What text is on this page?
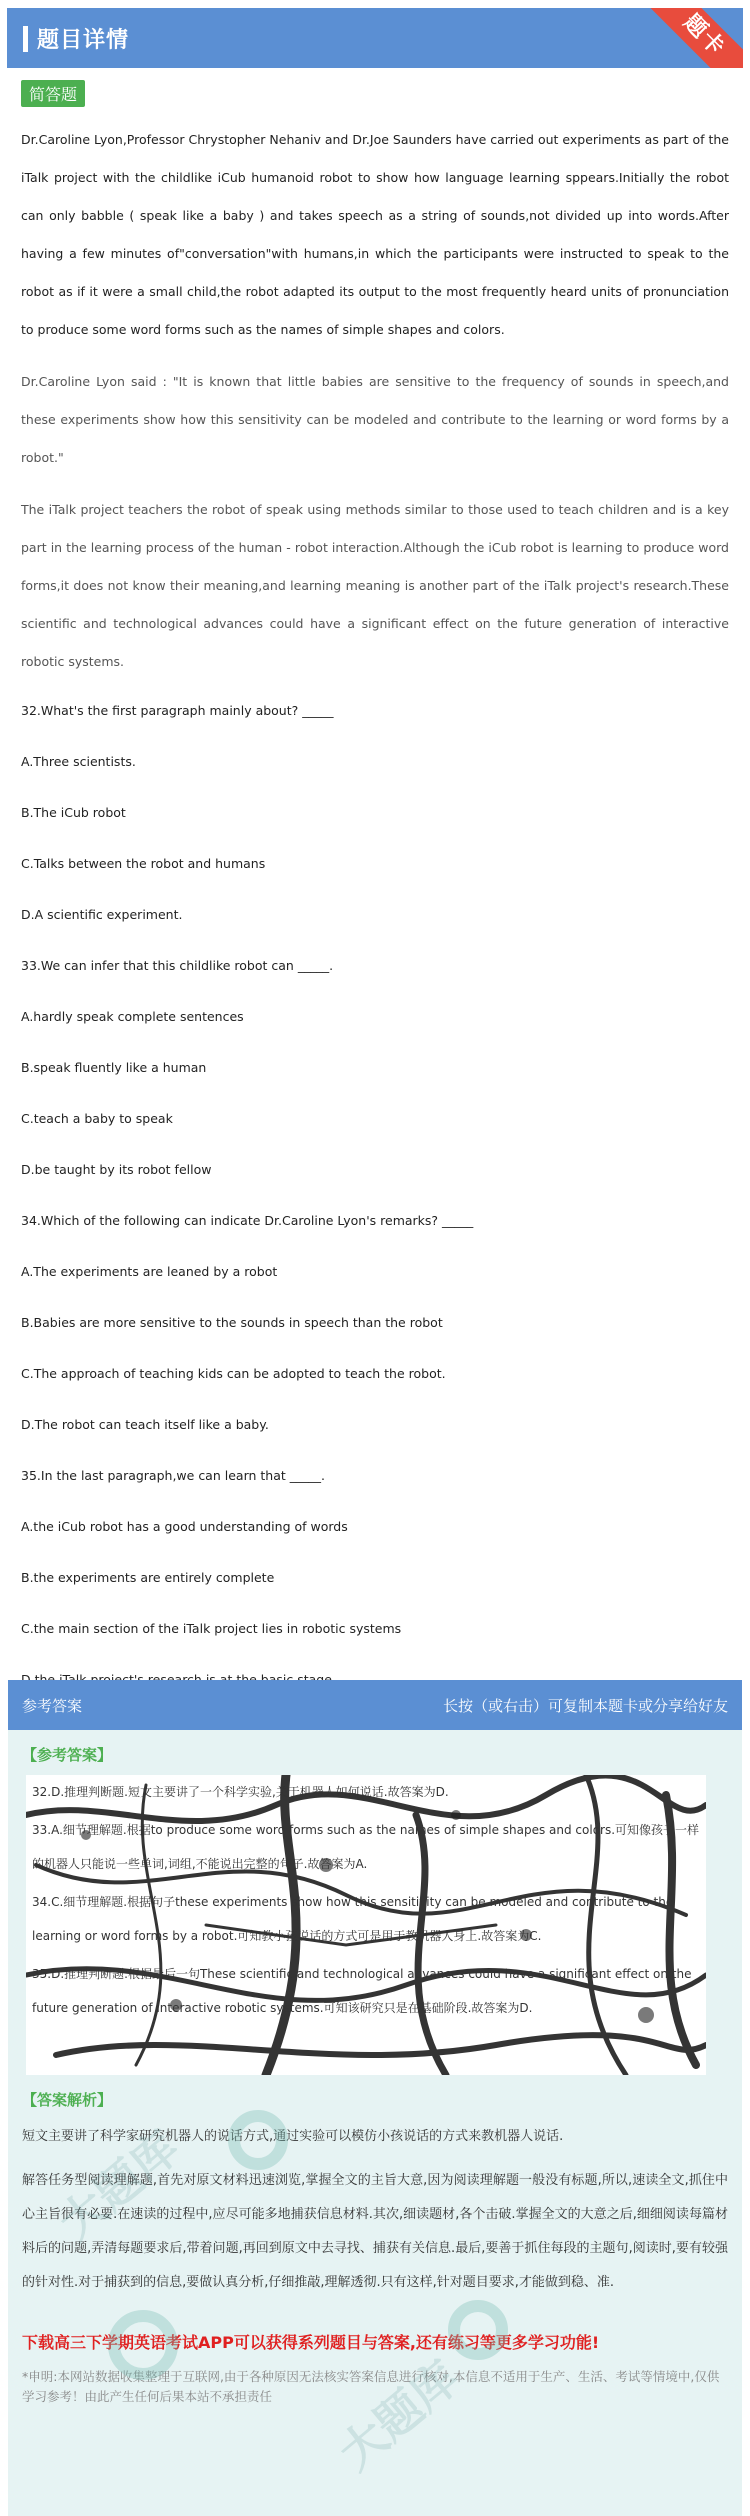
题目详情	题卡
简答题

Dr.Caroline Lyon,Professor Chrystopher Nehaniv and Dr.Joe Saunders have carried out experiments as part of the iTalk project with the childlike iCub humanoid robot to show how language learning sppears.Initially the robot can only babble ( speak like a baby ) and takes speech as a string of sounds,not divided up into words.After having a few minutes of"conversation"with humans,in which the participants were instructed to speak to the robot as if it were a small child,the robot adapted its output to the most frequently heard units of pronunciation to produce some word forms such as the names of simple shapes and colors.

Dr.Caroline Lyon said : "It is known that little babies are sensitive to the frequency of sounds in speech,and these experiments show how this sensitivity can be modeled and contribute to the learning or word forms by a robot."

The iTalk project teachers the robot of speak using methods similar to those used to teach children and is a key part in the learning process of the human - robot interaction.Although the iCub robot is learning to produce word forms,it does not know their meaning,and learning meaning is another part of the iTalk project's research.These scientific and technological advances could have a significant effect on the future generation of interactive robotic systems.

32.What's the first paragraph mainly about? _____
A.Three scientists.
B.The iCub robot
C.Talks between the robot and humans
D.A scientific experiment.
33.We can infer that this childlike robot can _____.
A.hardly speak complete sentences
B.speak fluently like a human
C.teach a baby to speak
D.be taught by its robot fellow
34.Which of the following can indicate Dr.Caroline Lyon's remarks? _____
A.The experiments are leaned by a robot
B.Babies are more sensitive to the sounds in speech than the robot
C.The approach of teaching kids can be adopted to teach the robot.
D.The robot can teach itself like a baby.
35.In the last paragraph,we can learn that _____.
A.the iCub robot has a good understanding of words
B.the experiments are entirely complete
C.the main section of the iTalk project lies in robotic systems
大题库
大题库
参考答案	长按（或右击）可复制本题卡或分享给好友
【参考答案】
32.D.推理判断题.短文主要讲了一个科学实验,关于机器人如何说话.故答案为D.
33.A.细节理解题.根据to produce some word forms such as the names of simple shapes and colors.可知像孩子一样的机器人只能说一些单词,词组,不能说出完整的句子.故答案为A.
34.C.细节理解题.根据句子these experiments show how this sensitivity can be modeled and contribute to the learning or word forms by a robot.可知教小孩说话的方式可是用于教机器人身上.故答案为C.
35.D.推理判断题.根据最后一句These scientific and technological advances could have a significant effect on the future generation of interactive robotic systems.可知该研究只是在基础阶段.故答案为D.
【答案解析】

短文主要讲了科学家研究机器人的说话方式,通过实验可以模仿小孩说话的方式来教机器人说话.

解答任务型阅读理解题,首先对原文材料迅速浏览,掌握全文的主旨大意,因为阅读理解题一般没有标题,所以,速读全文,抓住中心主旨很有必要.在速读的过程中,应尽可能多地捕获信息材料.其次,细读题材,各个击破.掌握全文的大意之后,细细阅读每篇材料后的问题,弄清每题要求后,带着问题,再回到原文中去寻找、捕获有关信息.最后,要善于抓住每段的主题句,阅读时,要有较强的针对性.对于捕获到的信息,要做认真分析,仔细推敲,理解透彻.只有这样,针对题目要求,才能做到稳、准.

下载高三下学期英语考试APP可以获得系列题目与答案,还有练习等更多学习功能!
*申明:本网站数据收集整理于互联网,由于各种原因无法核实答案信息进行核对,本信息不适用于生产、生活、考试等情境中,仅供学习参考！由此产生任何后果本站不承担责任
